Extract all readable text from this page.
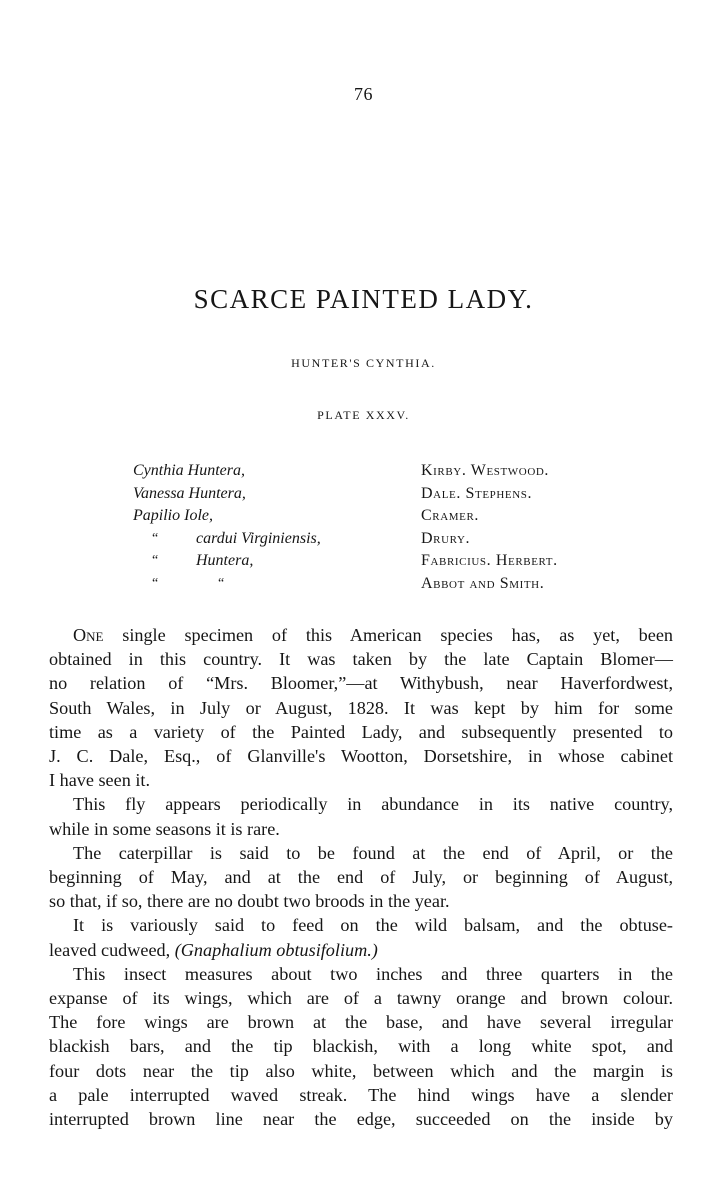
76
SCARCE PAINTED LADY.
HUNTER'S CYNTHIA.
PLATE XXXV.
Cynthia Huntera,	Kirby. Westwood.
Vanessa Huntera,	Dale. Stephens.
Papilio Iole,	Cramer.
“ cardui Virginiensis,	Drury.
“ Huntera,	Fabricius. Herbert.
“	“	Abbot and Smith.
One single specimen of this American species has, as yet, been
obtained in this country. It was taken by the late Captain Blomer—
no relation of “Mrs. Bloomer,”—at Withybush, near Haverfordwest,
South Wales, in July or August, 1828. It was kept by him for some
time as a variety of the Painted Lady, and subsequently presented to
J. C. Dale, Esq., of Glanville's Wootton, Dorsetshire, in whose cabinet
I have seen it.
This fly appears periodically in abundance in its native country,
while in some seasons it is rare.
The caterpillar is said to be found at the end of April, or the
beginning of May, and at the end of July, or beginning of August,
so that, if so, there are no doubt two broods in the year.
It is variously said to feed on the wild balsam, and the obtuse-
leaved cudweed, (Gnaphalium obtusifolium.)
This insect measures about two inches and three quarters in the
expanse of its wings, which are of a tawny orange and brown colour.
The fore wings are brown at the base, and have several irregular
blackish bars, and the tip blackish, with a long white spot, and
four dots near the tip also white, between which and the margin is
a pale interrupted waved streak. The hind wings have a slender
interrupted brown line near the edge, succeeded on the inside by
